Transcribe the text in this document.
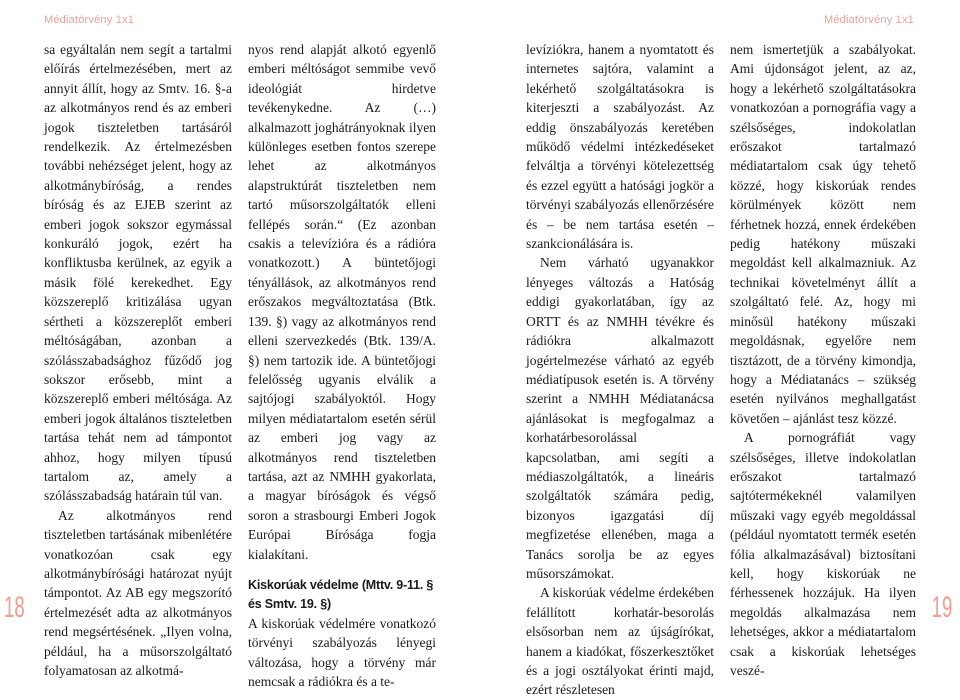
Médiatörvény 1x1	Médiatörvény 1x1

sa egyáltalán nem segít a tartalmi előírás értelmezésében, mert az annyit állít, hogy az Smtv. 16. §-a az alkotmányos rend és az emberi jogok tiszteletben tartásáról rendelkezik. Az értelmezésben további nehézséget jelent, hogy az alkotmánybíróság, a rendes bíróság és az EJEB szerint az emberi jogok sokszor egymással konkuráló jogok, ezért ha konfliktusba kerülnek, az egyik a másik fölé kerekedhet. Egy közszereplő kritizálása ugyan sértheti a közszereplőt emberi méltóságában, azonban a szólásszabadsághoz fűződő jog sokszor erősebb, mint a közszereplő emberi méltósága. Az emberi jogok általános tiszteletben tartása tehát nem ad támpontot ahhoz, hogy milyen típusú tartalom az, amely a szólásszabadság határain túl van.

Az alkotmányos rend tiszteletben tartásának mibenlétére vonatkozóan csak egy alkotmánybírósági határozat nyújt támpontot. Az AB egy megszorító értelmezését adta az alkotmányos rend megsértésének. „Ilyen volna, például, ha a műsorszolgáltató folyamatosan az alkotmá-

nyos rend alapját alkotó egyenlő emberi méltóságot semmibe vevő ideológiát hirdetve tevékenykedne. Az (…) alkalmazott joghátrányoknak ilyen különleges esetben fontos szerepe lehet az alkotmányos alapstruktúrát tiszteletben nem tartó műsorszolgáltatók elleni fellépés során.“ (Ez azonban csakis a televízióra és a rádióra vonatkozott.) A büntetőjogi tényállások, az alkotmányos rend erőszakos megváltoztatása (Btk. 139. §) vagy az alkotmányos rend elleni szervezkedés (Btk. 139/A. §) nem tartozik ide. A büntetőjogi felelősség ugyanis elválik a sajtójogi szabályoktól. Hogy milyen médiatartalom esetén sérül az emberi jog vagy az alkotmányos rend tiszteletben tartása, azt az NMHH gyakorlata, a magyar bíróságok és végső soron a strasbourgi Emberi Jogok Európai Bírósága fogja kialakítani.

Kiskorúak védelme (Mttv. 9-11. § és Smtv. 19. §)

A kiskorúak védelmére vonatkozó törvényi szabályozás lényegi változása, hogy a törvény már nemcsak a rádiókra és a te-

levíziókra, hanem a nyomtatott és internetes sajtóra, valamint a lekérhető szolgáltatásokra is kiterjeszti a szabályozást. Az eddig önszabályozás keretében működő védelmi intézkedéseket felváltja a törvényi kötelezettség és ezzel együtt a hatósági jogkör a törvényi szabályozás ellenőrzésére és – be nem tartása esetén – szankcionálására is.

Nem várható ugyanakkor lényeges változás a Hatóság eddigi gyakorlatában, így az ORTT és az NMHH tévékre és rádiókra alkalmazott jogértelmezése várható az egyéb médiatípusok esetén is. A törvény szerint a NMHH Médiatanácsa ajánlásokat is megfogalmaz a korhatárbesorolással kapcsolatban, ami segíti a médiaszolgáltatók, a lineáris szolgáltatók számára pedig, bizonyos igazgatási díj megfizetése ellenében, maga a Tanács sorolja be az egyes műsorszámokat.

A kiskorúak védelme érdekében felállított korhatár-besorolás elsősorban nem az újságírókat, hanem a kiadókat, főszerkesztőket és a jogi osztályokat érinti majd, ezért részletesen

nem ismertetjük a szabályokat. Ami újdonságot jelent, az az, hogy a lekérhető szolgáltatásokra vonatkozóan a pornográfia vagy a szélsőséges, indokolatlan erőszakot tartalmazó médiatartalom csak úgy tehető közzé, hogy kiskorúak rendes körülmények között nem férhetnek hozzá, ennek érdekében pedig hatékony műszaki megoldást kell alkalmazniuk. Az technikai követelményt állít a szolgáltató felé. Az, hogy mi minősül hatékony műszaki megoldásnak, egyelőre nem tisztázott, de a törvény kimondja, hogy a Médiatanács – szükség esetén nyilvános meghallgatást követően – ajánlást tesz közzé.

A pornográfiát vagy szélsőséges, illetve indokolatlan erőszakot tartalmazó sajtótermékeknél valamilyen műszaki vagy egyéb megoldással (például nyomtatott termék esetén fólia alkalmazásával) biztosítani kell, hogy kiskorúak ne férhessenek hozzájuk. Ha ilyen megoldás alkalmazása nem lehetséges, akkor a médiatartalom csak a kiskorúak lehetséges veszé-

18	19
